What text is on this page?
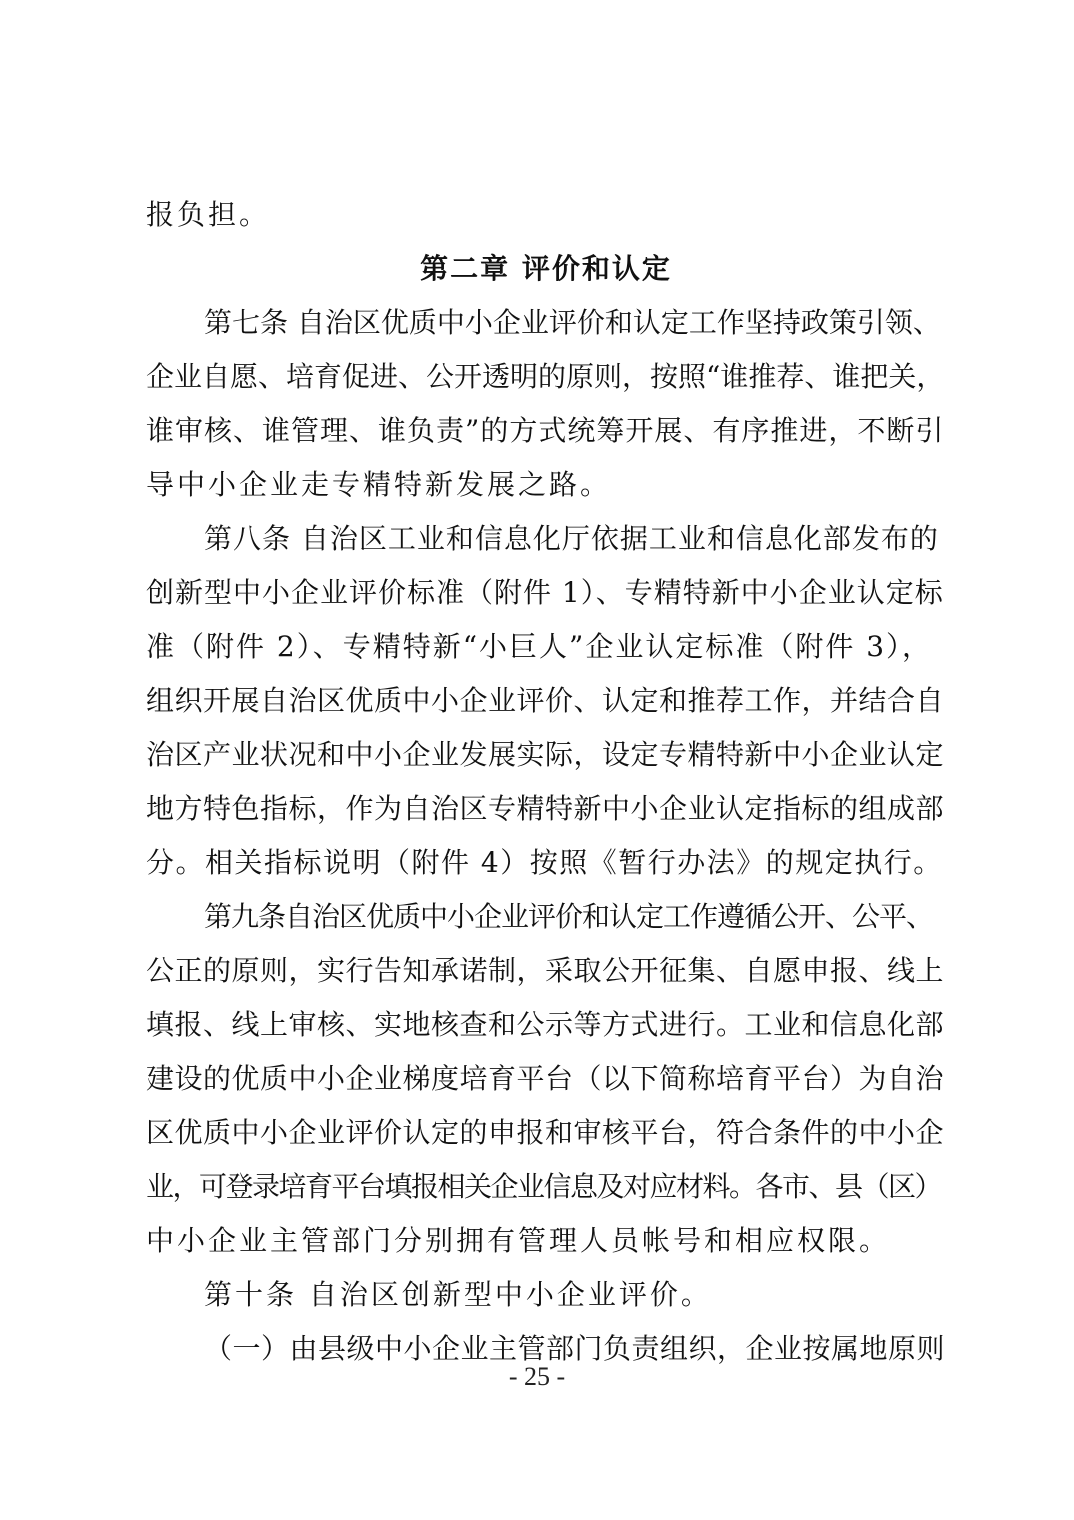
报负担。
第二章 评价和认定
第七条 自治区优质中小企业评价和认定工作坚持政策引领、
企业自愿、培育促进、公开透明的原则，按照“谁推荐、谁把关，
谁审核、谁管理、谁负责”的方式统筹开展、有序推进，不断引
导中小企业走专精特新发展之路。
第八条 自治区工业和信息化厅依据工业和信息化部发布的
创新型中小企业评价标准（附件 1）、专精特新中小企业认定标
准（附件 2）、专精特新“小巨人”企业认定标准（附件 3），
组织开展自治区优质中小企业评价、认定和推荐工作，并结合自
治区产业状况和中小企业发展实际，设定专精特新中小企业认定
地方特色指标，作为自治区专精特新中小企业认定指标的组成部
分。相关指标说明（附件 4）按照《暂行办法》的规定执行。
第九条自治区优质中小企业评价和认定工作遵循公开、公平、
公正的原则，实行告知承诺制，采取公开征集、自愿申报、线上
填报、线上审核、实地核查和公示等方式进行。工业和信息化部
建设的优质中小企业梯度培育平台（以下简称培育平台）为自治
区优质中小企业评价认定的申报和审核平台，符合条件的中小企
业，可登录培育平台填报相关企业信息及对应材料。各市、县（区）
中小企业主管部门分别拥有管理人员帐号和相应权限。
第十条 自治区创新型中小企业评价。
（一）由县级中小企业主管部门负责组织，企业按属地原则
- 25 -
